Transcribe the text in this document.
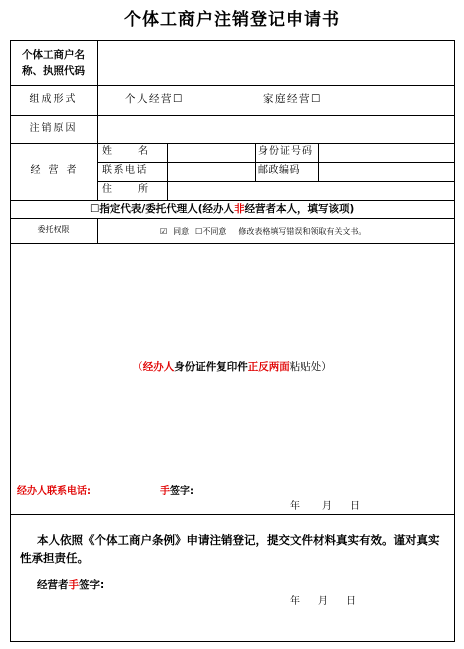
个体工商户注销登记申请书
个体工商户名
称、执照代码
组成形式	个人经营☐	家庭经营☐
注销原因
经营者
姓名	身份证号码
联系电话	邮政编码
住所
☐指定代表/委托代理人(经办人非经营者本人，填写该项)
委托权限	☑ 同意 ☐不同意 修改表格填写错误和领取有关文书。
（经办人身份证件复印件正反两面粘贴处）
经办人联系电话:	手签字:
年 月 日
本人依照《个体工商户条例》申请注销登记，提交文件材料真实有效。谨对真实性承担责任。
经营者手签字:
年 月 日
